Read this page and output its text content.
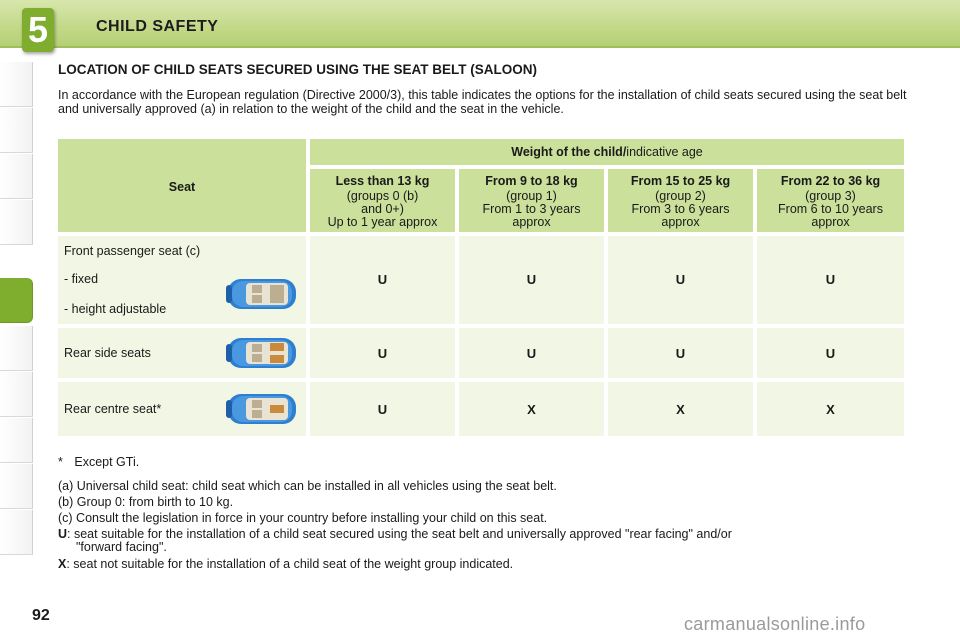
5	CHILD SAFETY
LOCATION OF CHILD SEATS SECURED USING THE SEAT BELT (SALOON)
In accordance with the European regulation (Directive 2000/3), this table indicates the options for the installation of child seats secured using the seat belt and universally approved (a) in relation to the weight of the child and the seat in the vehicle.
Seat
Weight of the child/indicative age
Less than 13 kg
(groups 0 (b)
and 0+)
Up to 1 year approx
From 9 to 18 kg
(group 1)
From 1 to 3 years
approx
From 15 to 25 kg
(group 2)
From 3 to 6 years
approx
From 22 to 36 kg
(group 3)
From 6 to 10 years
approx
Front passenger seat (c)
- fixed
- height adjustable
U	U	U	U
Rear side seats	U	U	U	U
Rear centre seat*	U	X	X	X
* Except GTi.
(a) Universal child seat: child seat which can be installed in all vehicles using the seat belt.
(b) Group 0: from birth to 10 kg.
(c) Consult the legislation in force in your country before installing your child on this seat.
U: seat suitable for the installation of a child seat secured using the seat belt and universally approved "rear facing" and/or
"forward facing".
X: seat not suitable for the installation of a child seat of the weight group indicated.
92	carmanualsonline.info
